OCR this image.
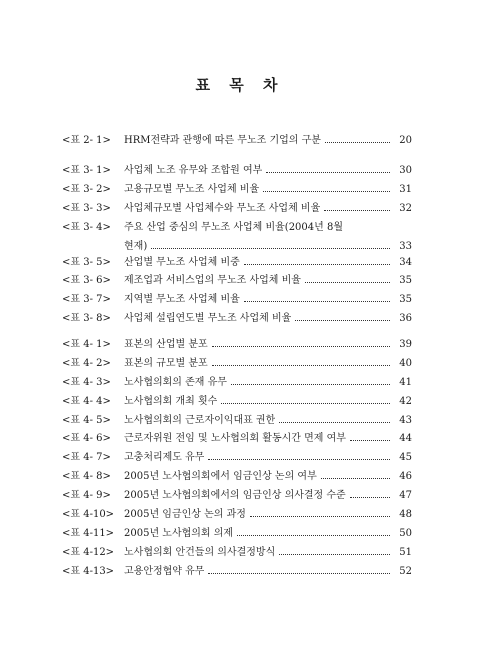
표 목 차
<표 2- 1>	HRM전략과 관행에 따른 무노조 기업의 구분	20
<표 3- 1>	사업체 노조 유무와 조합원 여부	30
<표 3- 2>	고용규모별 무노조 사업체 비율	31
<표 3- 3>	사업체규모별 사업체수와 무노조 사업체 비율	32
<표 3- 4>	주요 산업 중심의 무노조 사업체 비율(2004년 8월
현재)	33
<표 3- 5>	산업별 무노조 사업체 비중	34
<표 3- 6>	제조업과 서비스업의 무노조 사업체 비율	35
<표 3- 7>	지역별 무노조 사업체 비율	35
<표 3- 8>	사업체 설립연도별 무노조 사업체 비율	36
<표 4- 1>	표본의 산업별 분포	39
<표 4- 2>	표본의 규모별 분포	40
<표 4- 3>	노사협의회의 존재 유무	41
<표 4- 4>	노사협의회 개최 횟수	42
<표 4- 5>	노사협의회의 근로자이익대표 권한	43
<표 4- 6>	근로자위원 전임 및 노사협의회 활동시간 면제 여부	44
<표 4- 7>	고충처리제도 유무	45
<표 4- 8>	2005년 노사협의회에서 임금인상 논의 여부	46
<표 4- 9>	2005년 노사협의회에서의 임금인상 의사결정 수준	47
<표 4-10> 2005년 임금인상 논의 과정	48
<표 4-11> 2005년 노사협의회 의제	50
<표 4-12> 노사협의회 안건들의 의사결정방식	51
<표 4-13> 고용안정협약 유무	52
